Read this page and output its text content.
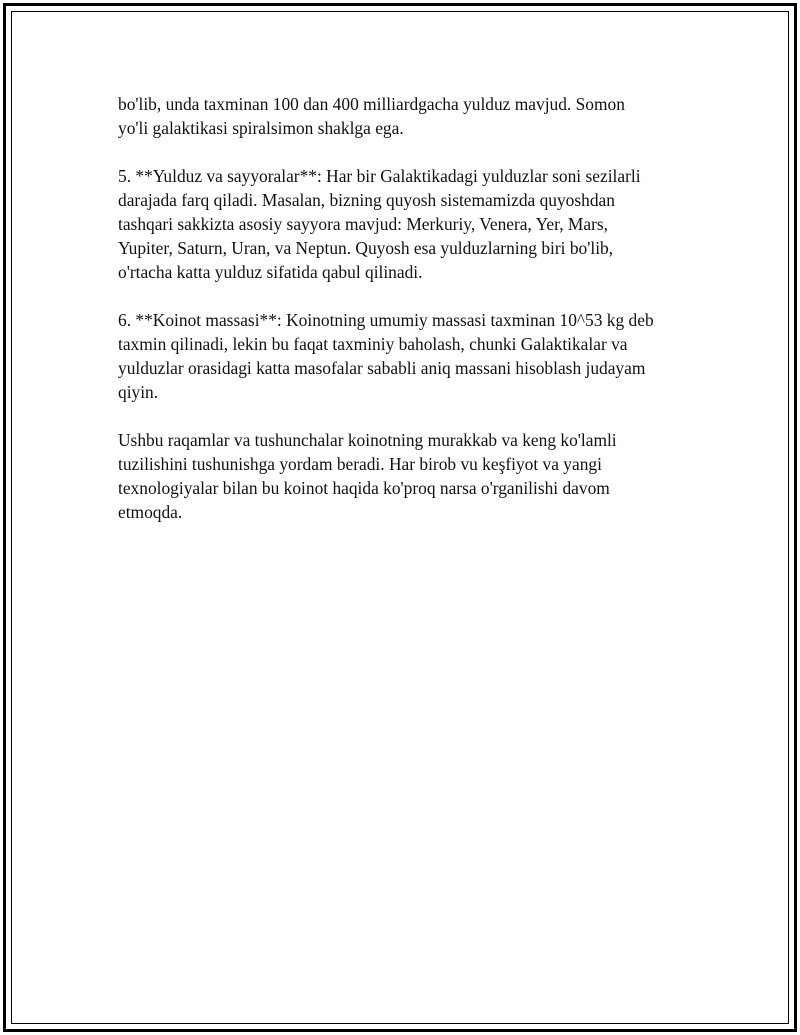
bo'lib, unda taxminan 100 dan 400 milliardgacha yulduz mavjud. Somon
yo'li galaktikasi spiralsimon shaklga ega.

5. **Yulduz va sayyoralar**: Har bir Galaktikadagi yulduzlar soni sezilarli
darajada farq qiladi. Masalan, bizning quyosh sistemamizda quyoshdan
tashqari sakkizta asosiy sayyora mavjud: Merkuriy, Venera, Yer, Mars,
Yupiter, Saturn, Uran, va Neptun. Quyosh esa yulduzlarning biri bo'lib,
o'rtacha katta yulduz sifatida qabul qilinadi.

6. **Koinot massasi**: Koinotning umumiy massasi taxminan 10^53 kg deb
taxmin qilinadi, lekin bu faqat taxminiy baholash, chunki Galaktikalar va
yulduzlar orasidagi katta masofalar sababli aniq massani hisoblash judayam
qiyin.

Ushbu raqamlar va tushunchalar koinotning murakkab va keng ko'lamli
tuzilishini tushunishga yordam beradi. Har birob vu keşfiyot va yangi
texnologiyalar bilan bu koinot haqida ko'proq narsa o'rganilishi davom
etmoqda.
